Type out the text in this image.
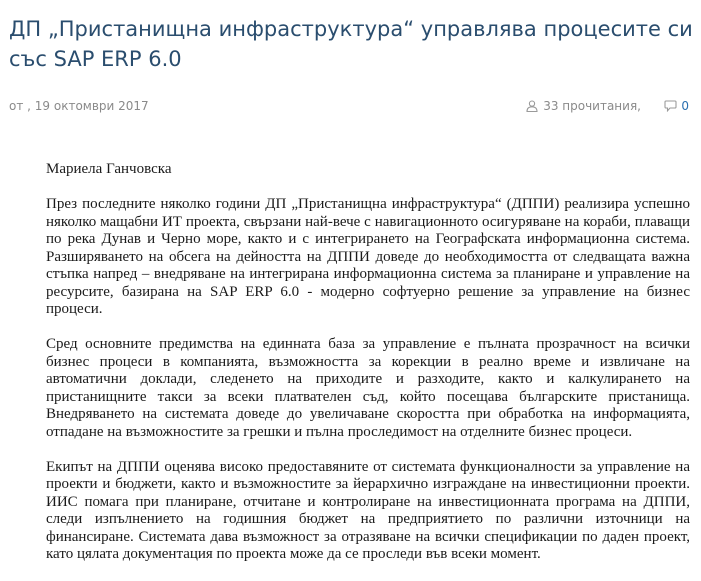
ДП „Пристанищна инфраструктура“ управлява процесите си със SAP ERP 6.0
от , 19 октомври 2017	33 прочитания,	0

Мариела Ганчовска

През последните няколко години ДП „Пристанищна инфраструктура“ (ДППИ) реализира успешно няколко мащабни ИТ проекта, свързани най-вече с навигационното осигуряване на кораби, плаващи по река Дунав и Черно море, както и с интегрирането на Географската информационна система. Разширяването на обсега на дейността на ДППИ доведе до необходимостта от следващата важна стъпка напред – внедряване на интегрирана информационна система за планиране и управление на ресурсите, базирана на SAP ERP 6.0 - модерно софтуерно решение за управление на бизнес процеси.

Сред основните предимства на единната база за управление е пълната прозрачност на всички бизнес процеси в компанията, възможността за корекции в реално време и извличане на автоматични доклади, следенето на приходите и разходите, както и калкулирането на пристанищните такси за всеки платвателен съд, който посещава българските пристанища. Внедряването на системата доведе до увеличаване скоростта при обработка на информацията, отпадане на възможностите за грешки и пълна проследимост на отделните бизнес процеси.

Екипът на ДППИ оценява високо предоставяните от системата функционалности за управление на проекти и бюджети, както и възможностите за йерархично изграждане на инвестиционни проекти. ИИС помага при планиране, отчитане и контролиране на инвестиционната програма на ДППИ, следи изпълнението на годишния бюджет на предприятието по различни източници на финансиране. Системата дава възможност за отразяване на всички спецификации по даден проект, като цялата документация по проекта може да се проследи във всеки момент.
